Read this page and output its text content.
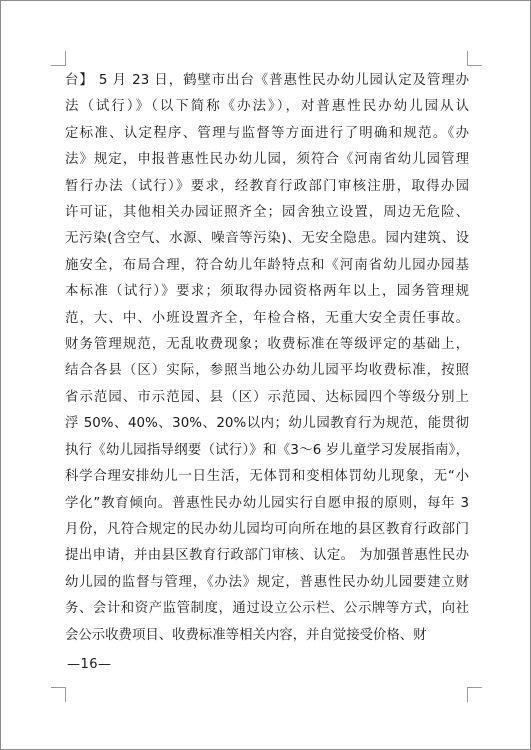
台】 5 月 23 日，鹤壁市出台《普惠性民办幼儿园认定及管理办
法（试行）》（以下简称《办法》），对普惠性民办幼儿园从认
定标准、认定程序、管理与监督等方面进行了明确和规范。《办
法》规定，申报普惠性民办幼儿园，须符合《河南省幼儿园管理
暂行办法（试行）》要求，经教育行政部门审核注册，取得办园
许可证，其他相关办园证照齐全；园舍独立设置，周边无危险、
无污染(含空气、水源、噪音等污染)、无安全隐患。园内建筑、设
施安全，布局合理，符合幼儿年龄特点和《河南省幼儿园办园基
本标准（试行）》要求；须取得办园资格两年以上，园务管理规
范，大、中、小班设置齐全，年检合格，无重大安全责任事故。
财务管理规范，无乱收费现象；收费标准在等级评定的基础上，
结合各县（区）实际，参照当地公办幼儿园平均收费标准，按照
省示范园、市示范园、县（区）示范园、达标园四个等级分别上
浮 50%、40%、30%、20%以内；幼儿园教育行为规范，能贯彻
执行《幼儿园指导纲要（试行）》和《3～6 岁儿童学习发展指南》，
科学合理安排幼儿一日生活，无体罚和变相体罚幼儿现象，无“小
学化”教育倾向。普惠性民办幼儿园实行自愿申报的原则，每年 3
月份，凡符合规定的民办幼儿园均可向所在地的县区教育行政部门
提出申请，并由县区教育行政部门审核、认定。 为加强普惠性民办
幼儿园的监督与管理，《办法》规定，普惠性民办幼儿园要建立财
务、会计和资产监管制度，通过设立公示栏、公示牌等方式，向社
会公示收费项目、收费标准等相关内容，并自觉接受价格、财
—16—
